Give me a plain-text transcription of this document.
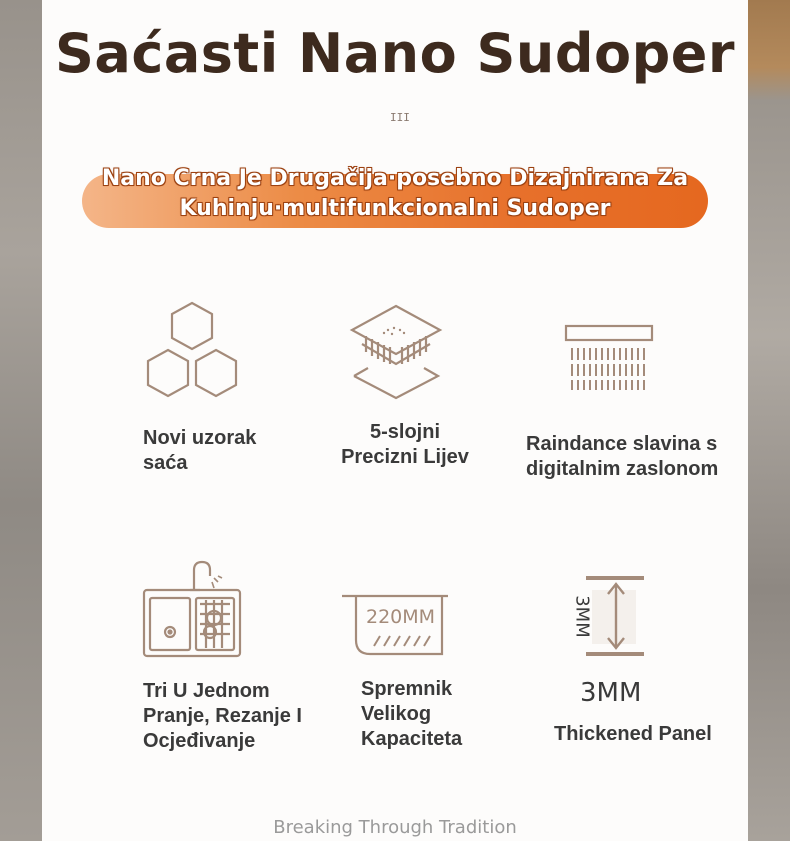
Saćasti Nano Sudoper
III
Nano Crna Je Drugačija·posebno Dizajnirana Za
Kuhinju·multifunkcionalni Sudoper
Novi uzorak
saća
5-slojni
Precizni Lijev
Raindance slavina s
digitalnim zaslonom
Tri U Jednom
Pranje, Rezanje I
Ocjeđivanje
220MM
Spremnik
Velikog
Kapaciteta
3MM
3MM
Thickened Panel
Breaking Through Tradition
